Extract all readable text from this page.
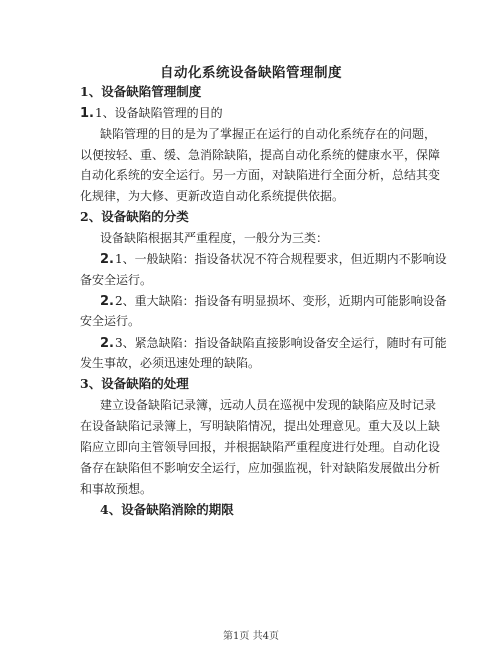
自动化系统设备缺陷管理制度
1、设备缺陷管理制度
1.1、设备缺陷管理的目的
缺陷管理的目的是为了掌握正在运行的自动化系统存在的问题，
以便按轻、重、缓、急消除缺陷，提高自动化系统的健康水平，保障
自动化系统的安全运行。另一方面，对缺陷进行全面分析，总结其变
化规律，为大修、更新改造自动化系统提供依据。
2、设备缺陷的分类
设备缺陷根据其严重程度，一般分为三类：
2.1、一般缺陷：指设备状况不符合规程要求，但近期内不影响设
备安全运行。
2.2、重大缺陷：指设备有明显损坏、变形，近期内可能影响设备
安全运行。
2.3、紧急缺陷：指设备缺陷直接影响设备安全运行，随时有可能
发生事故，必须迅速处理的缺陷。
3、设备缺陷的处理
建立设备缺陷记录簿，远动人员在巡视中发现的缺陷应及时记录
在设备缺陷记录簿上，写明缺陷情况，提出处理意见。重大及以上缺
陷应立即向主管领导回报，并根据缺陷严重程度进行处理。自动化设
备存在缺陷但不影响安全运行，应加强监视，针对缺陷发展做出分析
和事故预想。
4、设备缺陷消除的期限
第1页 共4页
